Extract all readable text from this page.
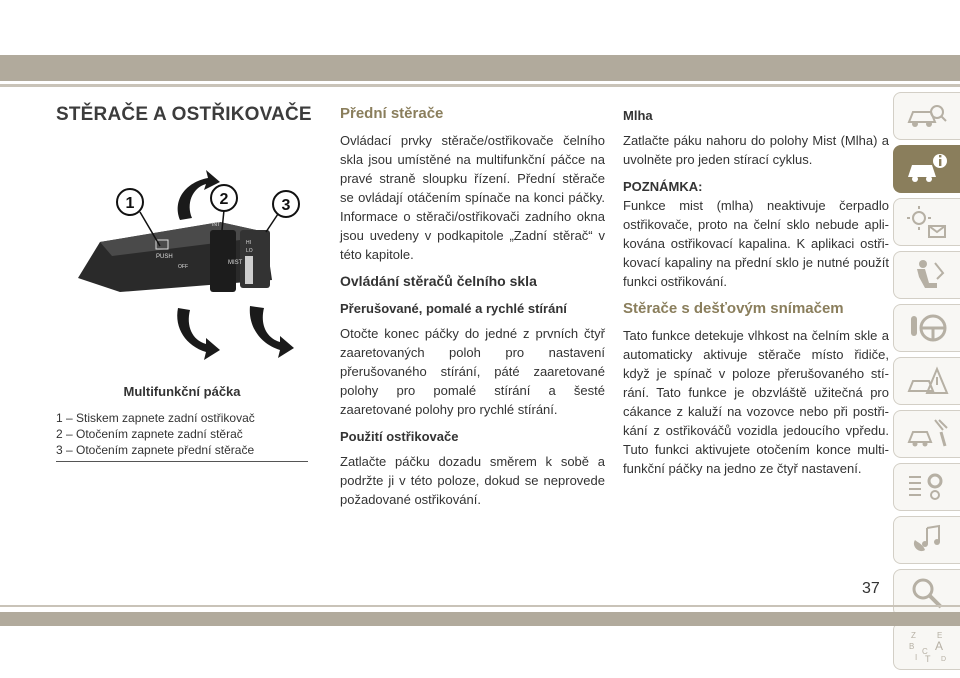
STĚRAČE A OSTŘIKOVAČE
PUSH
OFF
INT
MIST
HI
LO
1	2	3
Multifunkční páčka
1 – Stiskem zapnete zadní ostřikovač
2 – Otočením zapnete zadní stěrač
3 – Otočením zapnete přední stěrače
Přední stěrače
Ovládací prvky stěrače/ostřikovače čelního skla jsou umístěné na multifunkční páčce na pravé straně sloupku řízení. Přední stěrače se ovládají otáčením spínače na konci páčky. Informace o stěrači/ostřikovači zadního okna jsou uvedeny v podkapitole „Zadní stěrač“ v této kapitole.
Ovládání stěračů čelního skla
Přerušované, pomalé a rychlé stírání
Otočte konec páčky do jedné z prvních čtyř zaaretovaných poloh pro nastavení přerušovaného stírání, páté zaaretované polohy pro pomalé stírání a šesté zaaretované polohy pro rychlé stírání.
Použití ostřikovače
Zatlačte páčku dozadu směrem k sobě a podržte ji v této poloze, dokud se neprovede požadované ostřikování.
Mlha
Zatlačte páku nahoru do polohy Mist (Mlha) a uvolněte pro jeden stírací cyklus.
POZNÁMKA:
Funkce mist (mlha) neaktivuje čerpadlo ostřikovače, proto na čelní sklo nebude aplikována ostřikovací kapalina. K aplikaci ostřikovací kapaliny na přední sklo je nutné použít funkci ostřikování.
Stěrače s dešťovým snímačem
Tato funkce detekuje vlhkost na čelním skle a automaticky aktivuje stěrače místo řidiče, když je spínač v poloze přerušovaného stírání. Tato funkce je obzvláště užitečná pro cákance z kaluží na vozovce nebo při postřikání z ostřikováčů vozidla jedoucího vpředu. Tuto funkci aktivujete otočením konce multifunkční páčky na jedno ze čtyř nastavení.
Z	E
B A
I
C
T D
37
